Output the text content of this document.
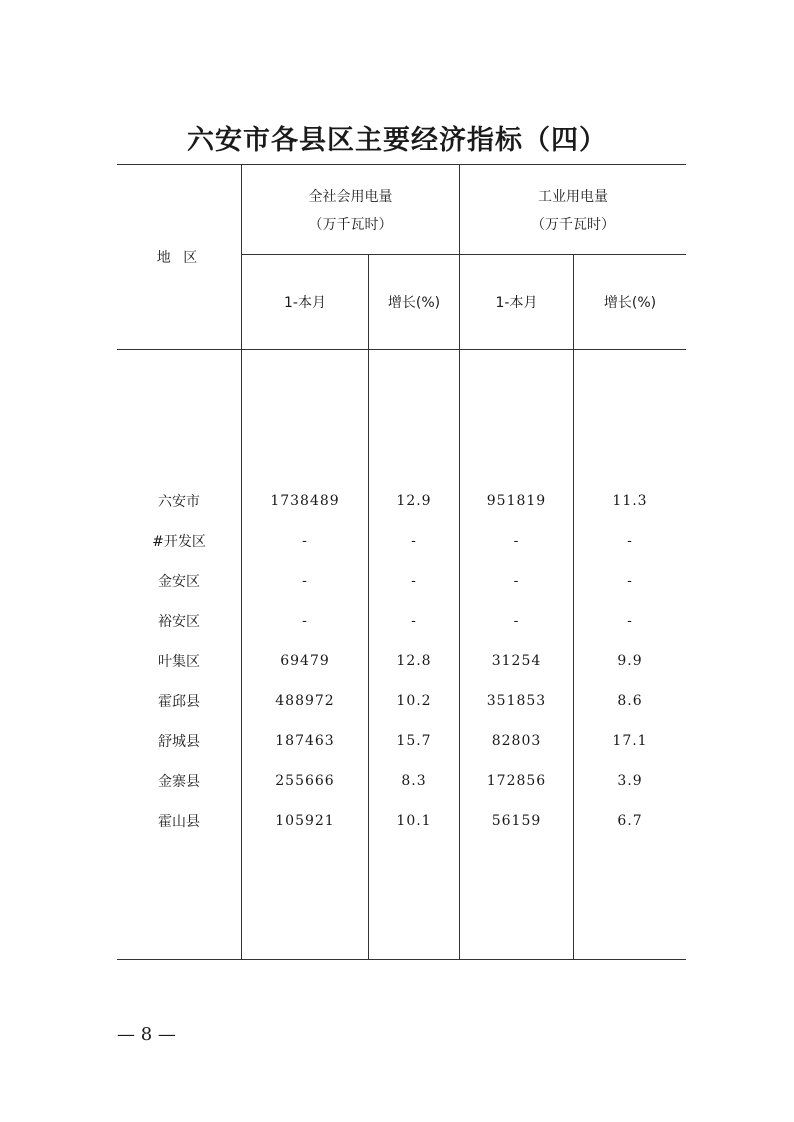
六安市各县区主要经济指标（四）
地 区
全社会用电量
（万千瓦时）
工业用电量
（万千瓦时）
1-本月	增长(%)	1-本月	增长(%)
六安市	1738489	12.9	951819	11.3
#开发区	-	-	-	-
金安区	-	-	-	-
裕安区	-	-	-	-
叶集区	69479	12.8	31254	9.9
霍邱县	488972	10.2	351853	8.6
舒城县	187463	15.7	82803	17.1
金寨县	255666	8.3	172856	3.9
霍山县	105921	10.1	56159	6.7
— 8 —
